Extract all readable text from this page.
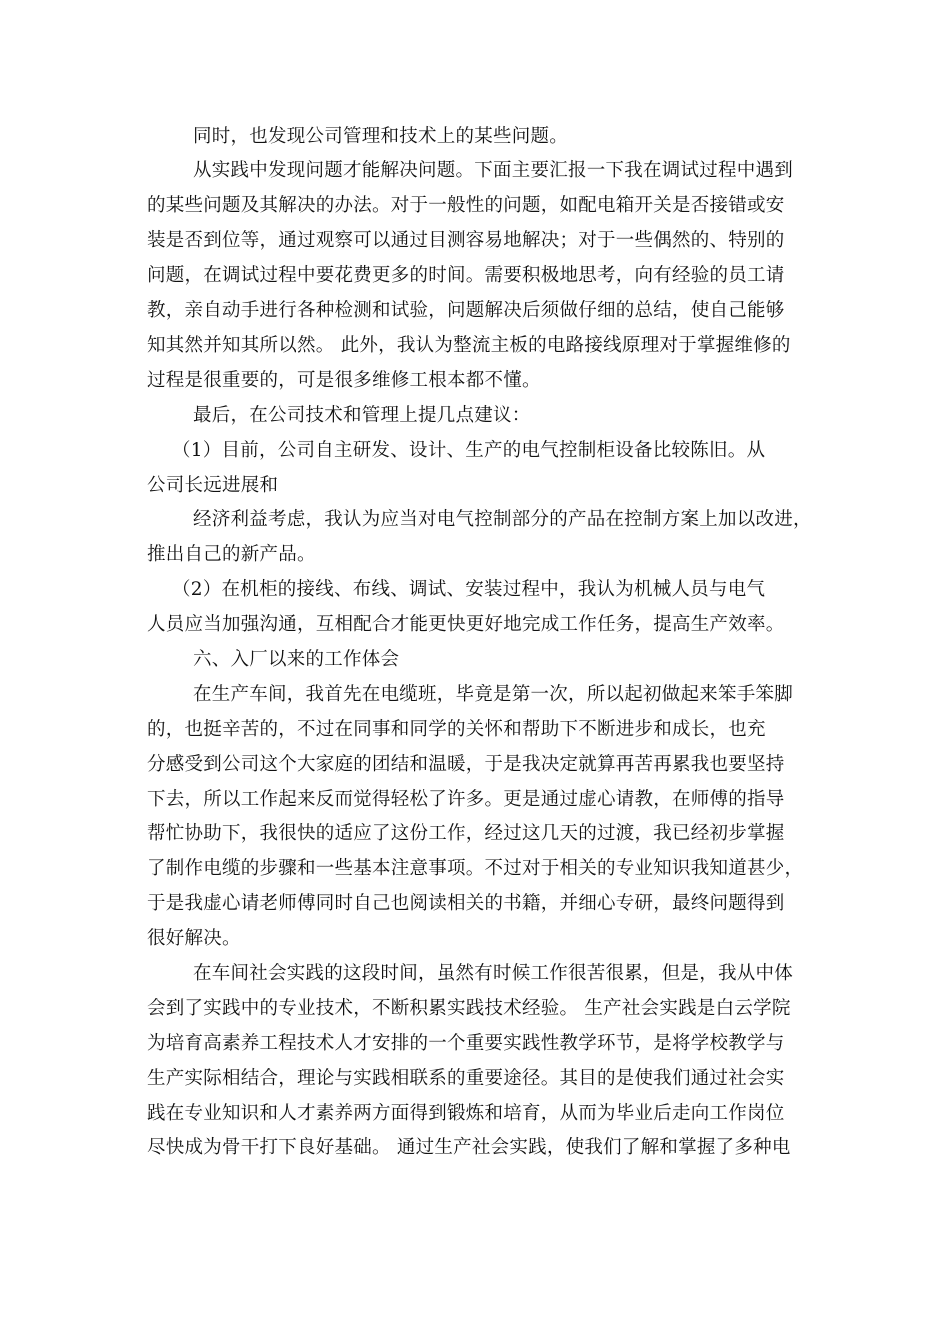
同时，也发现公司管理和技术上的某些问题。

从实践中发现问题才能解决问题。下面主要汇报一下我在调试过程中遇到

的某些问题及其解决的办法。对于一般性的问题，如配电箱开关是否接错或安

装是否到位等，通过观察可以通过目测容易地解决；对于一些偶然的、特别的

问题，在调试过程中要花费更多的时间。需要积极地思考，向有经验的员工请

教，亲自动手进行各种检测和试验，问题解决后须做仔细的总结，使自己能够

知其然并知其所以然。 此外，我认为整流主板的电路接线原理对于掌握维修的

过程是很重要的，可是很多维修工根本都不懂。

最后，在公司技术和管理上提几点建议：

（1）目前，公司自主研发、设计、生产的电气控制柜设备比较陈旧。从

公司长远进展和

经济利益考虑，我认为应当对电气控制部分的产品在控制方案上加以改进，

推出自己的新产品。

（2）在机柜的接线、布线、调试、安装过程中，我认为机械人员与电气

人员应当加强沟通，互相配合才能更快更好地完成工作任务，提高生产效率。

六、入厂以来的工作体会

在生产车间，我首先在电缆班，毕竟是第一次，所以起初做起来笨手笨脚

的，也挺辛苦的，不过在同事和同学的关怀和帮助下不断进步和成长，也充

分感受到公司这个大家庭的团结和温暖，于是我决定就算再苦再累我也要坚持

下去，所以工作起来反而觉得轻松了许多。更是通过虚心请教，在师傅的指导

帮忙协助下，我很快的适应了这份工作，经过这几天的过渡，我已经初步掌握

了制作电缆的步骤和一些基本注意事项。不过对于相关的专业知识我知道甚少，

于是我虚心请老师傅同时自己也阅读相关的书籍，并细心专研，最终问题得到

很好解决。

在车间社会实践的这段时间，虽然有时候工作很苦很累，但是，我从中体

会到了实践中的专业技术，不断积累实践技术经验。 生产社会实践是白云学院

为培育高素养工程技术人才安排的一个重要实践性教学环节，是将学校教学与

生产实际相结合，理论与实践相联系的重要途径。其目的是使我们通过社会实

践在专业知识和人才素养两方面得到锻炼和培育，从而为毕业后走向工作岗位

尽快成为骨干打下良好基础。 通过生产社会实践，使我们了解和掌握了多种电
